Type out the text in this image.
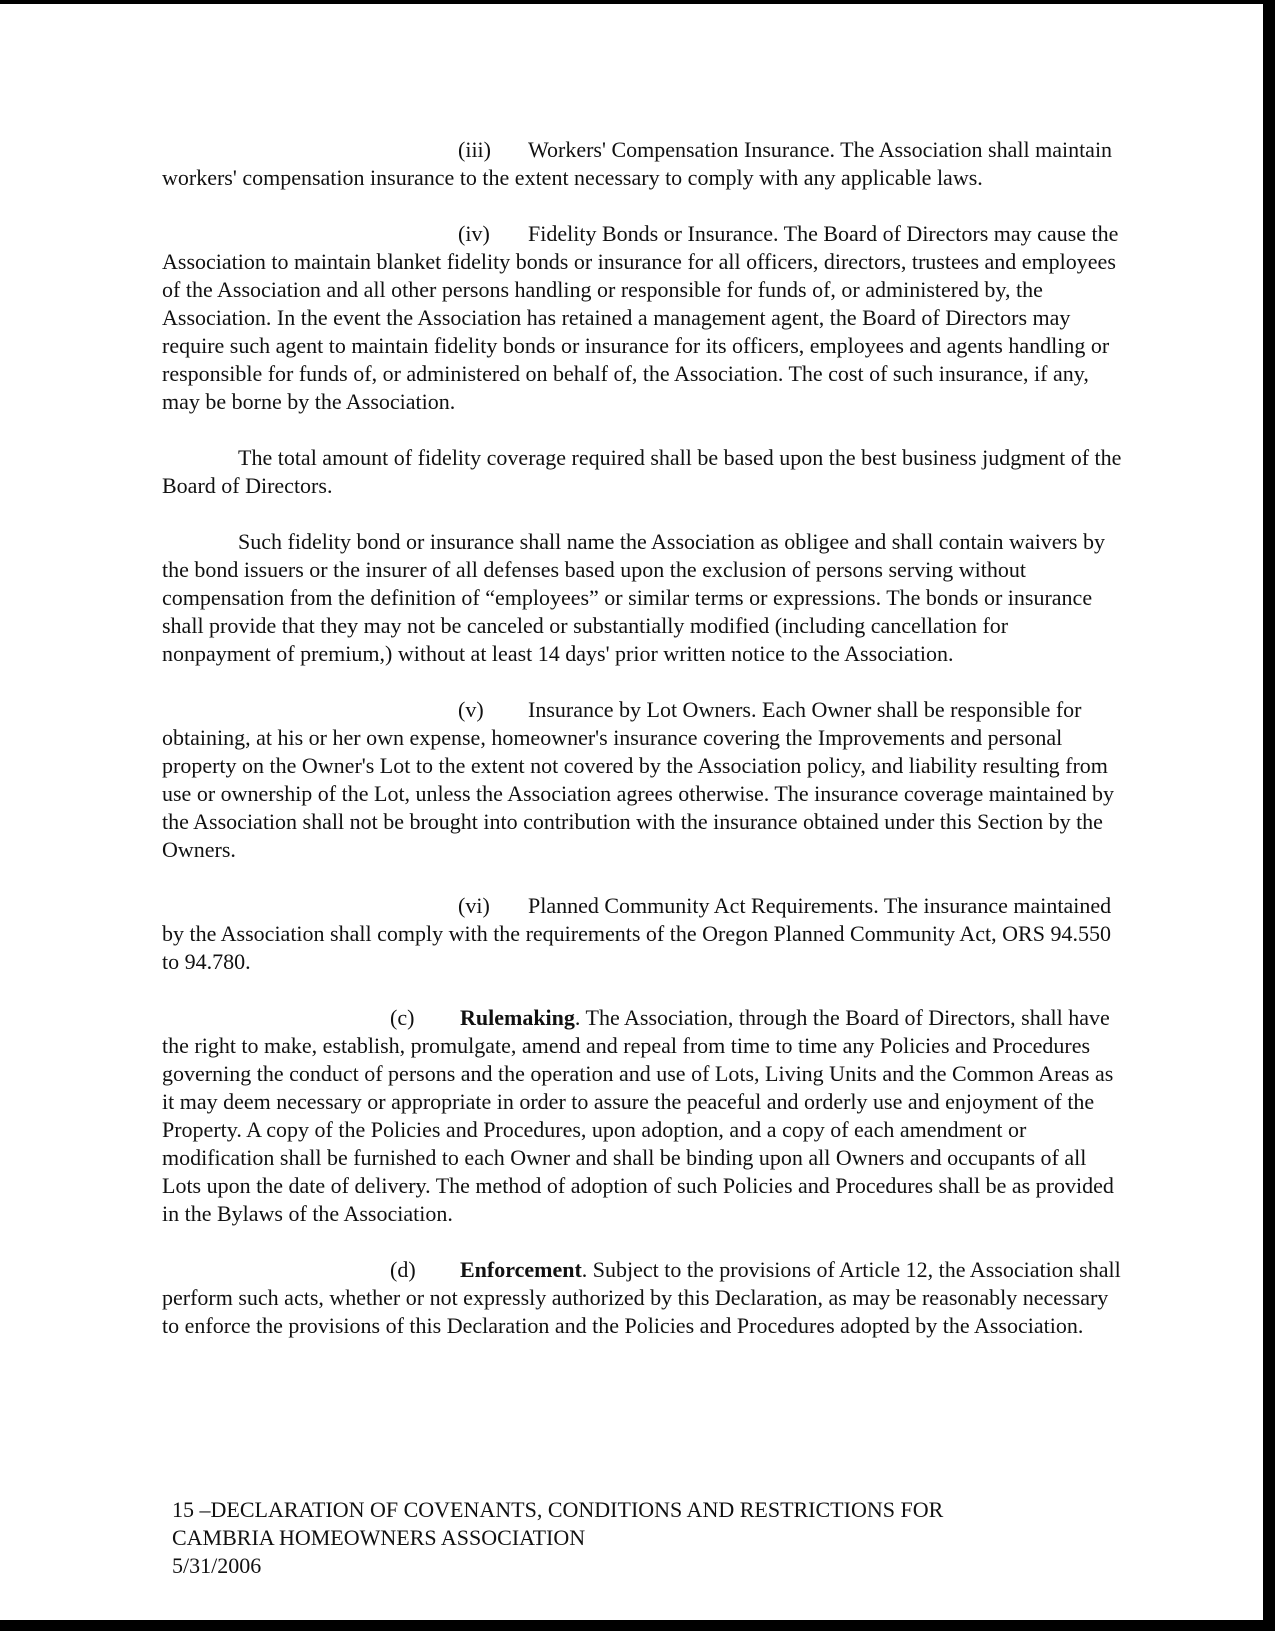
(iii) Workers' Compensation Insurance. The Association shall maintain workers' compensation insurance to the extent necessary to comply with any applicable laws.

(iv) Fidelity Bonds or Insurance. The Board of Directors may cause the Association to maintain blanket fidelity bonds or insurance for all officers, directors, trustees and employees of the Association and all other persons handling or responsible for funds of, or administered by, the Association. In the event the Association has retained a management agent, the Board of Directors may require such agent to maintain fidelity bonds or insurance for its officers, employees and agents handling or responsible for funds of, or administered on behalf of, the Association. The cost of such insurance, if any, may be borne by the Association.

The total amount of fidelity coverage required shall be based upon the best business judgment of the Board of Directors.

Such fidelity bond or insurance shall name the Association as obligee and shall contain waivers by the bond issuers or the insurer of all defenses based upon the exclusion of persons serving without compensation from the definition of “employees” or similar terms or expressions. The bonds or insurance shall provide that they may not be canceled or substantially modified (including cancellation for nonpayment of premium,) without at least 14 days' prior written notice to the Association.

(v) Insurance by Lot Owners. Each Owner shall be responsible for obtaining, at his or her own expense, homeowner's insurance covering the Improvements and personal property on the Owner's Lot to the extent not covered by the Association policy, and liability resulting from use or ownership of the Lot, unless the Association agrees otherwise. The insurance coverage maintained by the Association shall not be brought into contribution with the insurance obtained under this Section by the Owners.

(vi) Planned Community Act Requirements. The insurance maintained by the Association shall comply with the requirements of the Oregon Planned Community Act, ORS 94.550 to 94.780.

(c) Rulemaking. The Association, through the Board of Directors, shall have the right to make, establish, promulgate, amend and repeal from time to time any Policies and Procedures governing the conduct of persons and the operation and use of Lots, Living Units and the Common Areas as it may deem necessary or appropriate in order to assure the peaceful and orderly use and enjoyment of the Property. A copy of the Policies and Procedures, upon adoption, and a copy of each amendment or modification shall be furnished to each Owner and shall be binding upon all Owners and occupants of all Lots upon the date of delivery. The method of adoption of such Policies and Procedures shall be as provided in the Bylaws of the Association.

(d) Enforcement. Subject to the provisions of Article 12, the Association shall perform such acts, whether or not expressly authorized by this Declaration, as may be reasonably necessary to enforce the provisions of this Declaration and the Policies and Procedures adopted by the Association.

15 –DECLARATION OF COVENANTS, CONDITIONS AND RESTRICTIONS FOR
CAMBRIA HOMEOWNERS ASSOCIATION
5/31/2006
